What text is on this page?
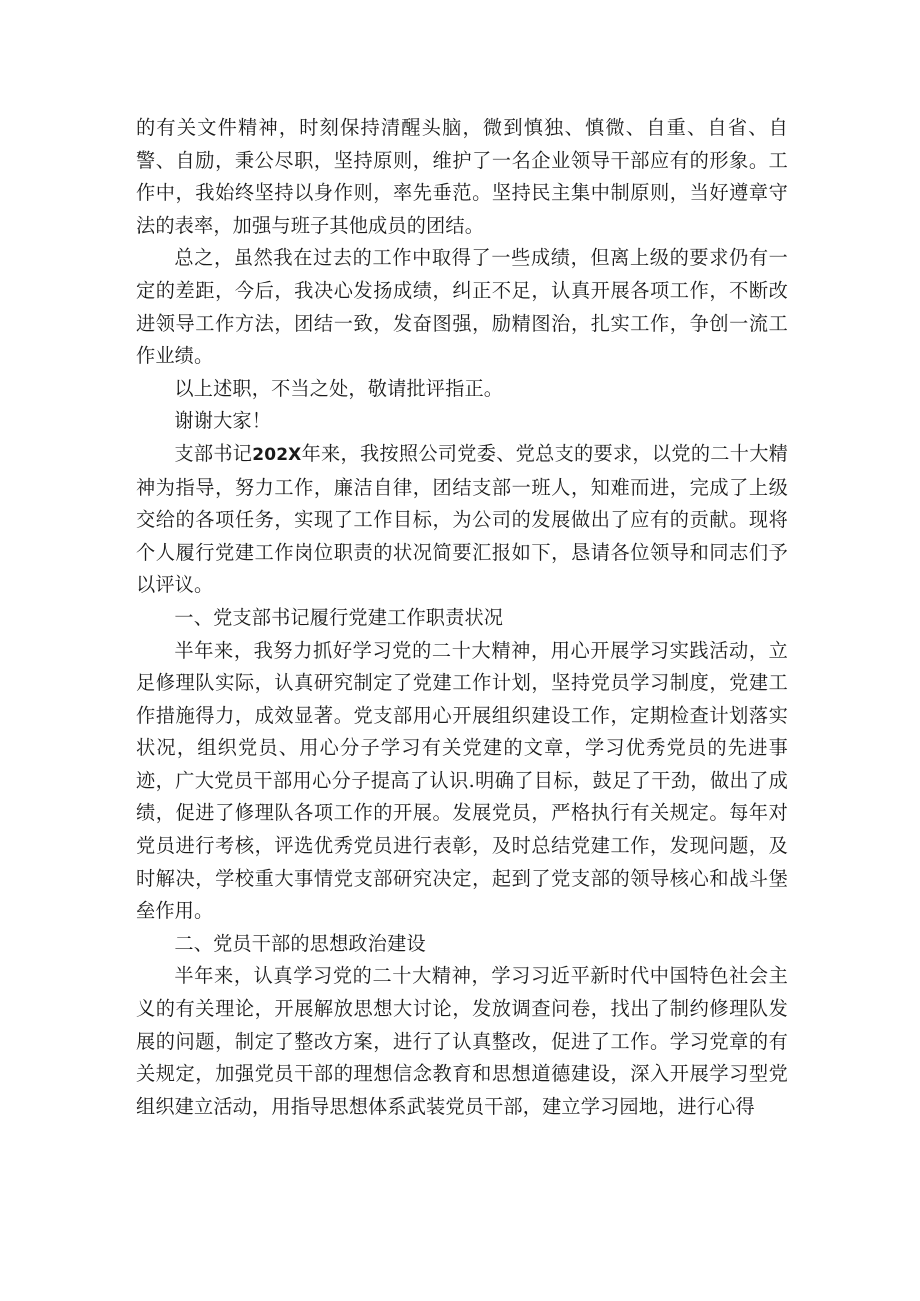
的有关文件精神，时刻保持清醒头脑，微到慎独、慎微、自重、自省、自警、自励，秉公尽职，坚持原则，维护了一名企业领导干部应有的形象。工作中，我始终坚持以身作则，率先垂范。坚持民主集中制原则，当好遵章守法的表率，加强与班子其他成员的团结。

总之，虽然我在过去的工作中取得了一些成绩，但离上级的要求仍有一定的差距，今后，我决心发扬成绩，纠正不足，认真开展各项工作，不断改进领导工作方法，团结一致，发奋图强，励精图治，扎实工作，争创一流工作业绩。

以上述职，不当之处，敬请批评指正。

谢谢大家！

支部书记202X年来，我按照公司党委、党总支的要求，以党的二十大精神为指导，努力工作，廉洁自律，团结支部一班人，知难而进，完成了上级交给的各项任务，实现了工作目标，为公司的发展做出了应有的贡献。现将个人履行党建工作岗位职责的状况简要汇报如下，恳请各位领导和同志们予以评议。

一、党支部书记履行党建工作职责状况

半年来，我努力抓好学习党的二十大精神，用心开展学习实践活动，立足修理队实际，认真研究制定了党建工作计划，坚持党员学习制度，党建工作措施得力，成效显著。党支部用心开展组织建设工作，定期检查计划落实状况，组织党员、用心分子学习有关党建的文章，学习优秀党员的先进事迹，广大党员干部用心分子提高了认识.明确了目标，鼓足了干劲，做出了成绩，促进了修理队各项工作的开展。发展党员，严格执行有关规定。每年对党员进行考核，评选优秀党员进行表彰，及时总结党建工作，发现问题，及时解决，学校重大事情党支部研究决定，起到了党支部的领导核心和战斗堡垒作用。

二、党员干部的思想政治建设

半年来，认真学习党的二十大精神，学习习近平新时代中国特色社会主义的有关理论，开展解放思想大讨论，发放调查问卷，找出了制约修理队发展的问题，制定了整改方案，进行了认真整改，促进了工作。学习党章的有关规定，加强党员干部的理想信念教育和思想道德建设，深入开展学习型党组织建立活动，用指导思想体系武装党员干部，建立学习园地，进行心得
